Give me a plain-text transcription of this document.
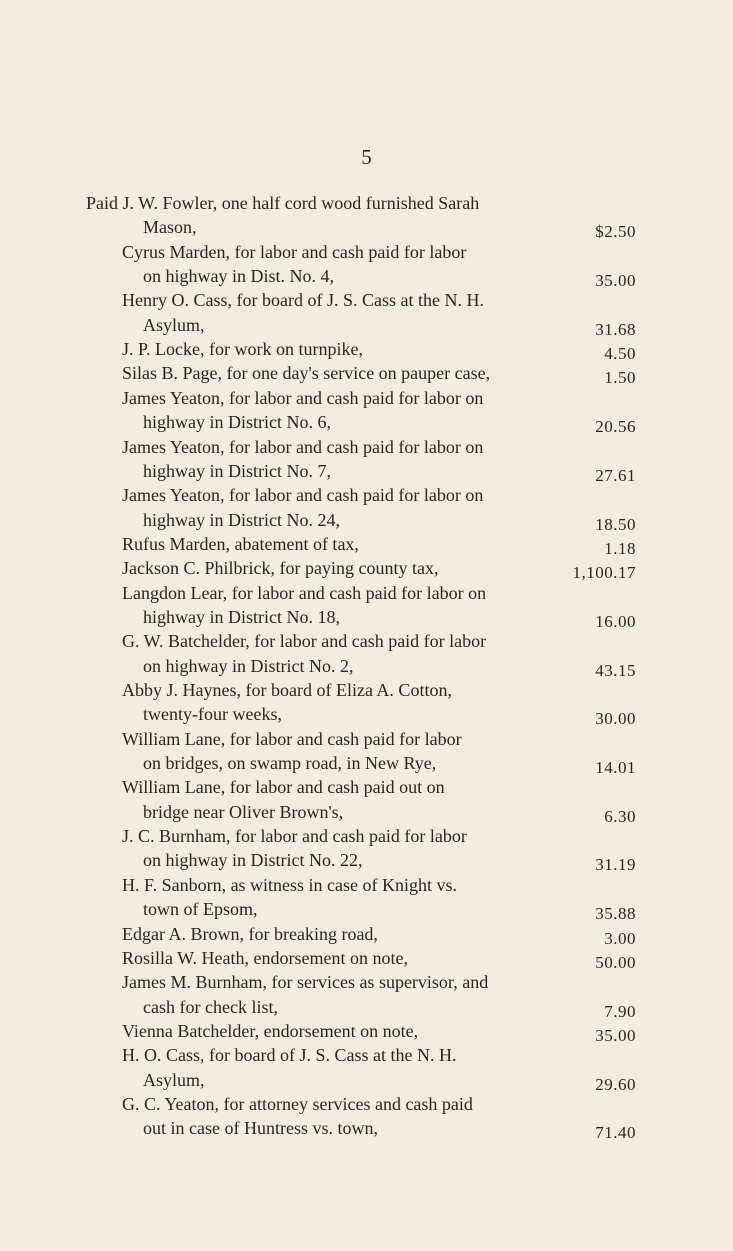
5
Paid J. W. Fowler, one half cord wood furnished Sarah
Mason,	$2.50
Cyrus Marden, for labor and cash paid for labor
on highway in Dist. No. 4,	35.00
Henry O. Cass, for board of J. S. Cass at the N. H.
Asylum,	31.68
J. P. Locke, for work on turnpike,	4.50
Silas B. Page, for one day's service on pauper case,	1.50
James Yeaton, for labor and cash paid for labor on
highway in District No. 6,	20.56
James Yeaton, for labor and cash paid for labor on
highway in District No. 7,	27.61
James Yeaton, for labor and cash paid for labor on
highway in District No. 24,	18.50
Rufus Marden, abatement of tax,	1.18
Jackson C. Philbrick, for paying county tax,	1,100.17
Langdon Lear, for labor and cash paid for labor on
highway in District No. 18,	16.00
G. W. Batchelder, for labor and cash paid for labor
on highway in District No. 2,	43.15
Abby J. Haynes, for board of Eliza A. Cotton,
twenty-four weeks,	30.00
William Lane, for labor and cash paid for labor
on bridges, on swamp road, in New Rye,	14.01
William Lane, for labor and cash paid out on
bridge near Oliver Brown's,	6.30
J. C. Burnham, for labor and cash paid for labor
on highway in District No. 22,	31.19
H. F. Sanborn, as witness in case of Knight vs.
town of Epsom,	35.88
Edgar A. Brown, for breaking road,	3.00
Rosilla W. Heath, endorsement on note,	50.00
James M. Burnham, for services as supervisor, and
cash for check list,	7.90
Vienna Batchelder, endorsement on note,	35.00
H. O. Cass, for board of J. S. Cass at the N. H.
Asylum,	29.60
G. C. Yeaton, for attorney services and cash paid
out in case of Huntress vs. town,	71.40
